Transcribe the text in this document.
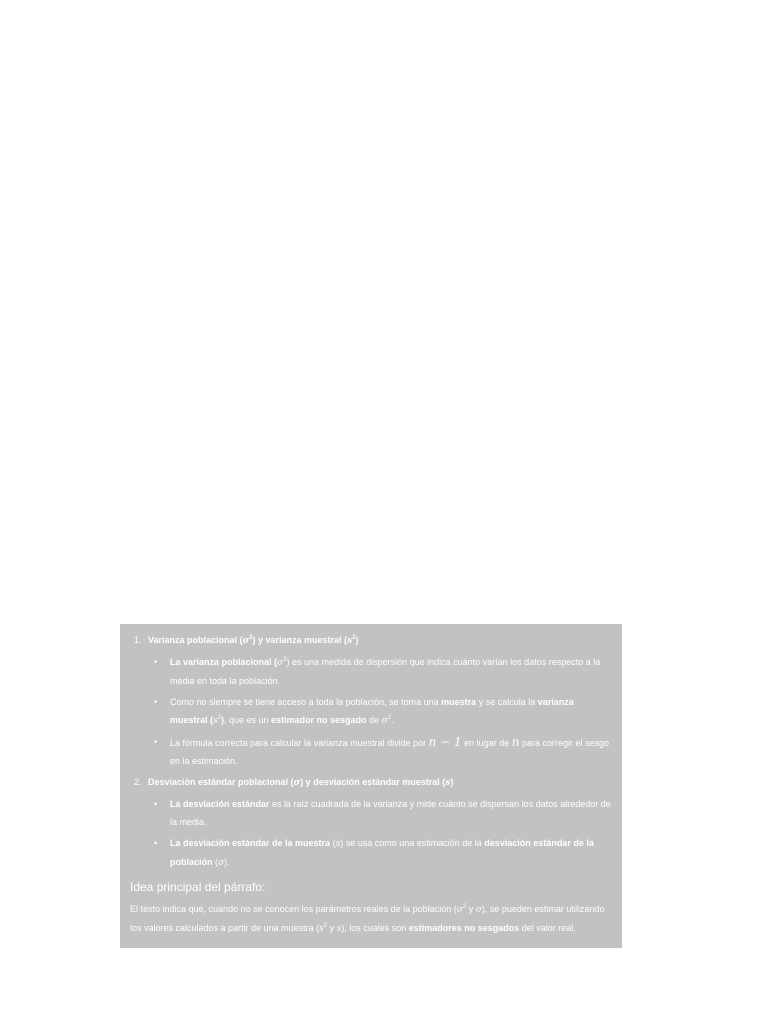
1. Varianza poblacional $(\sigma^2)$ y varianza muestral $(s^2)$
• La varianza poblacional $(\sigma^2)$ es una medida de dispersión que indica cuánto varían los datos respecto a la media en toda la población.
• Como no siempre se tiene acceso a toda la población, se toma una muestra y se calcula la varianza muestral $(s^2)$, que es un estimador no sesgado de $\sigma^2$.
• La fórmula correcta para calcular la varianza muestral divide por n − 1 en lugar de n para corregir el sesgo en la estimación.
2. Desviación estándar poblacional (σ) y desviación estándar muestral (s)
• La desviación estándar es la raíz cuadrada de la varianza y mide cuánto se dispersan los datos alrededor de la media.
• La desviación estándar de la muestra (s) se usa como una estimación de la desviación estándar de la población (σ).
Idea principal del párrafo:

El texto indica que, cuando no se conocen los parámetros reales de la población ($\sigma^2$ y σ), se pueden estimar utilizando los valores calculados a partir de una muestra ($s^2$ y s), los cuales son estimadores no sesgados del valor real.
